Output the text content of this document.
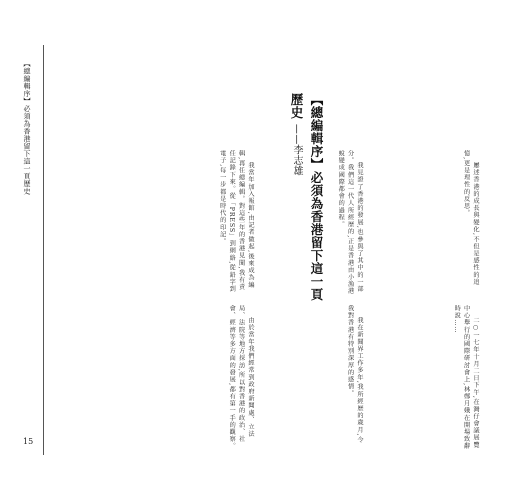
【總編輯序】必須為香港留下這一頁歷史
15
【總編輯序】必須為香港留下這一頁歷史 ——李志雄

屢述香港的成長與變化,不但是感性的追憶,更是理性的反思。

二○一七年十月二日下午,在灣仔會議展覽中心舉行的國際研討會上,林鄭月娥在開場致辭時說……

我見證了香港的發展,也參與了其中的一部分。我們這一代人所經歷的,正是香港由小漁港蛻變成國際都會的過程。

我在新聞界工作多年,我所經歷的歲月,令我對香港有特別深厚的感情。

我當年加入報館,由記者做起,後來成為編輯,再任總編輯。對這些年的香港見聞,我有責任記錄下來。從「PRESS」到網絡,從鉛字到電子,每一步都是時代的印記。

由於當年我們經常到政府新聞處、立法局、法院等地方採訪,所以對香港的政治、社會、經濟等多方面的發展,都有第一手的觀察。
